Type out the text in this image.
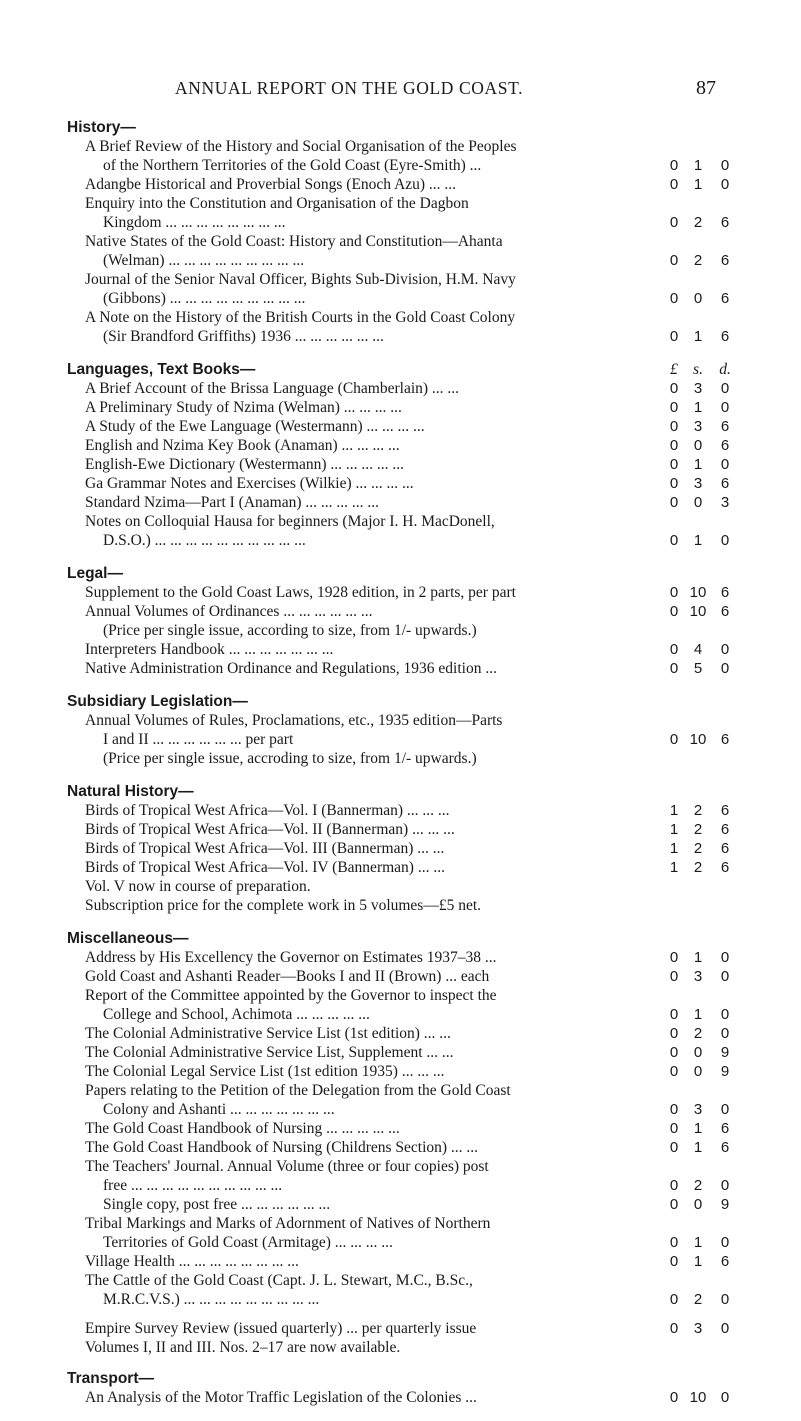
ANNUAL REPORT ON THE GOLD COAST.	87
History—
A Brief Review of the History and Social Organisation of the Peoples
of the Northern Territories of the Gold Coast (Eyre-Smith) ...	0	1	0
Adangbe Historical and Proverbial Songs (Enoch Azu) ... ...	0	1	0
Enquiry into the Constitution and Organisation of the Dagbon
Kingdom ... ... ... ... ... ... ... ...	0	2	6
Native States of the Gold Coast: History and Constitution—Ahanta
(Welman) ... ... ... ... ... ... ... ... ...	0	2	6
Journal of the Senior Naval Officer, Bights Sub-Division, H.M. Navy
(Gibbons) ... ... ... ... ... ... ... ... ...	0	0	6
A Note on the History of the British Courts in the Gold Coast Colony
(Sir Brandford Griffiths) 1936 ... ... ... ... ... ...	0	1	6
Languages, Text Books—	£ s.	d.
A Brief Account of the Brissa Language (Chamberlain) ... ...	0	3	0
A Preliminary Study of Nzima (Welman) ... ... ... ...	0	1	0
A Study of the Ewe Language (Westermann) ... ... ... ...	0	3	6
English and Nzima Key Book (Anaman) ... ... ... ...	0	0	6
English-Ewe Dictionary (Westermann) ... ... ... ... ...	0	1	0
Ga Grammar Notes and Exercises (Wilkie) ... ... ... ...	0	3	6
Standard Nzima—Part I (Anaman) ... ... ... ... ...	0	0	3
Notes on Colloquial Hausa for beginners (Major I. H. MacDonell,
D.S.O.) ... ... ... ... ... ... ... ... ... ...	0	1	0
Legal—
Supplement to the Gold Coast Laws, 1928 edition, in 2 parts, per part	0 10 6
Annual Volumes of Ordinances ... ... ... ... ... ...	0 10 6
(Price per single issue, according to size, from 1/- upwards.)
Interpreters Handbook ... ... ... ... ... ... ...	0	4	0
Native Administration Ordinance and Regulations, 1936 edition ...	0	5	0
Subsidiary Legislation—
Annual Volumes of Rules, Proclamations, etc., 1935 edition—Parts
I and II ... ... ... ... ... ... per part	0 10 6
(Price per single issue, accroding to size, from 1/- upwards.)
Natural History—
Birds of Tropical West Africa—Vol. I (Bannerman) ... ... ...	1	2	6
Birds of Tropical West Africa—Vol. II (Bannerman) ... ... ...	1	2	6
Birds of Tropical West Africa—Vol. III (Bannerman) ... ...	1	2	6
Birds of Tropical West Africa—Vol. IV (Bannerman) ... ...	1	2	6
Vol. V now in course of preparation.
Subscription price for the complete work in 5 volumes—£5 net.
Miscellaneous—
Address by His Excellency the Governor on Estimates 1937–38 ...	0	1	0
Gold Coast and Ashanti Reader—Books I and II (Brown) ... each	0	3	0
Report of the Committee appointed by the Governor to inspect the
College and School, Achimota ... ... ... ... ...	0	1	0
The Colonial Administrative Service List (1st edition) ... ...	0	2	0
The Colonial Administrative Service List, Supplement ... ...	0	0	9
The Colonial Legal Service List (1st edition 1935) ... ... ...	0	0	9
Papers relating to the Petition of the Delegation from the Gold Coast
Colony and Ashanti ... ... ... ... ... ... ...	0	3	0
The Gold Coast Handbook of Nursing ... ... ... ... ...	0	1	6
The Gold Coast Handbook of Nursing (Childrens Section) ... ...	0	1	6
The Teachers' Journal. Annual Volume (three or four copies) post
free ... ... ... ... ... ... ... ... ... ...	0	2	0
Single copy, post free ... ... ... ... ... ...	0	0	9
Tribal Markings and Marks of Adornment of Natives of Northern
Territories of Gold Coast (Armitage) ... ... ... ...	0	1	0
Village Health ... ... ... ... ... ... ... ...	0	1	6
The Cattle of the Gold Coast (Capt. J. L. Stewart, M.C., B.Sc.,
M.R.C.V.S.) ... ... ... ... ... ... ... ... ...	0	2	0
Empire Survey Review (issued quarterly) ... per quarterly issue	0	3	0
Volumes I, II and III. Nos. 2–17 are now available.
Transport—
An Analysis of the Motor Traffic Legislation of the Colonies ...	0 10 0
